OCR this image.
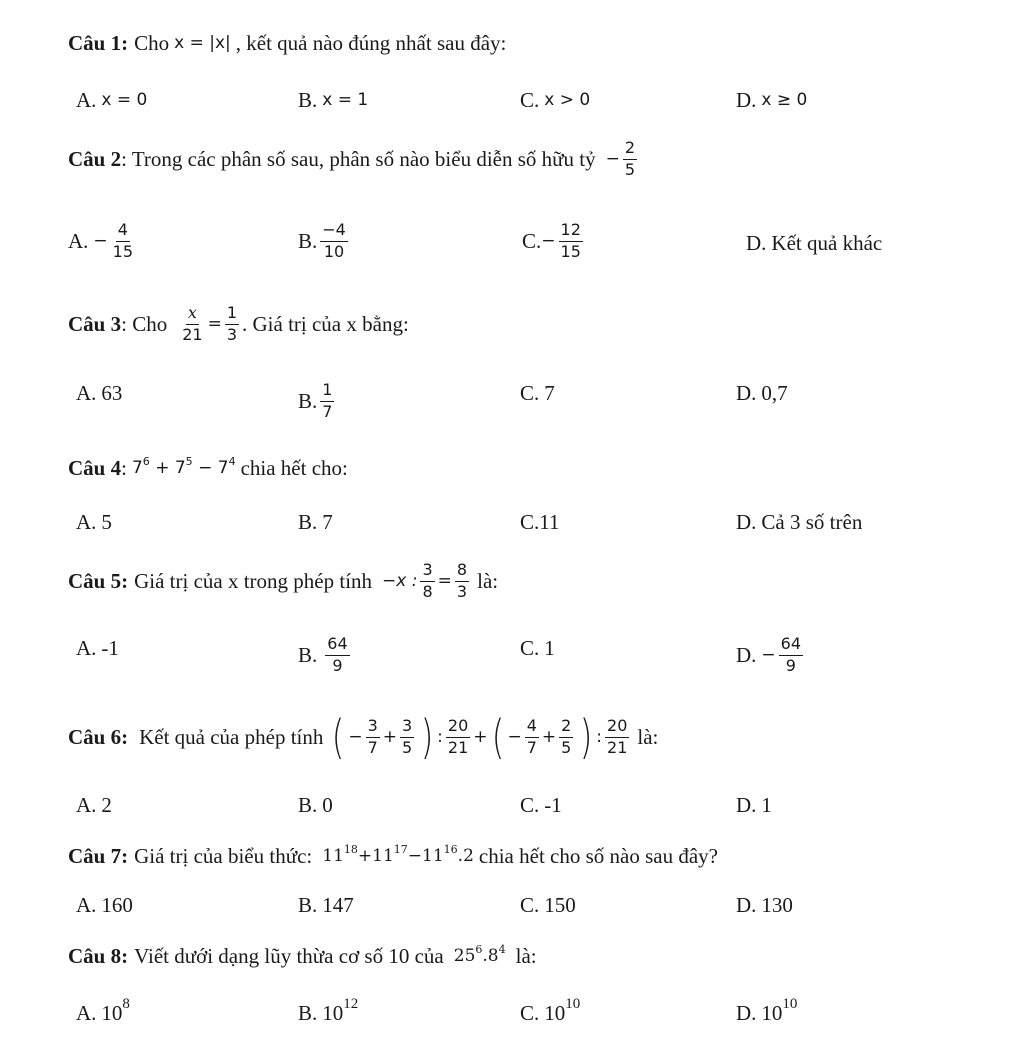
Câu 1: Cho x = |x| , kết quả nào đúng nhất sau đây:
A. x = 0	B. x = 1	C. x > 0	D. x ≥ 0
Câu 2 : Trong các phân số sau, phân số nào biểu diễn số hữu tỷ − $\frac{2}{5}$
A. − $\frac{4}{15}$	B. $\frac{-4}{10}$	C. − $\frac{12}{15}$	D. Kết quả khác
Câu 3 : Cho $\frac{x}{21} = \frac{1}{3}$ . Giá trị của x bằng:
A. 63	B. $\frac{1}{7}$	C. 7	D. 0,7
Câu 4 : $7^6 + 7^5 - 7^4$ chia hết cho:
A. 5	B. 7	C. 11	D. Cả 3 số trên
Câu 5: Giá trị của x trong phép tính −x : $\frac{3}{8} = \frac{8}{3}$ là:
A. -1	B. $\frac{64}{9}$	C. 1	D. − $\frac{64}{9}$
Câu 6: Kết quả của phép tính ( − $\frac{3}{7} + \frac{3}{5}$ ) : $\frac{20}{21}$ + ( − $\frac{4}{7} + \frac{2}{5}$ ) : $\frac{20}{21}$ là:
A. 2	B. 0	C. -1	D. 1
Câu 7: Giá trị của biểu thức: $11^{18}+11^{17}-11^{16}.2$ chia hết cho số nào sau đây?
A. 160	B. 147	C. 150	D. 130
Câu 8: Viết dưới dạng lũy thừa cơ số 10 của $25^6.8^4$ là:
A. 10 8	B. 10 12	C. 10 10	D. 10 10
